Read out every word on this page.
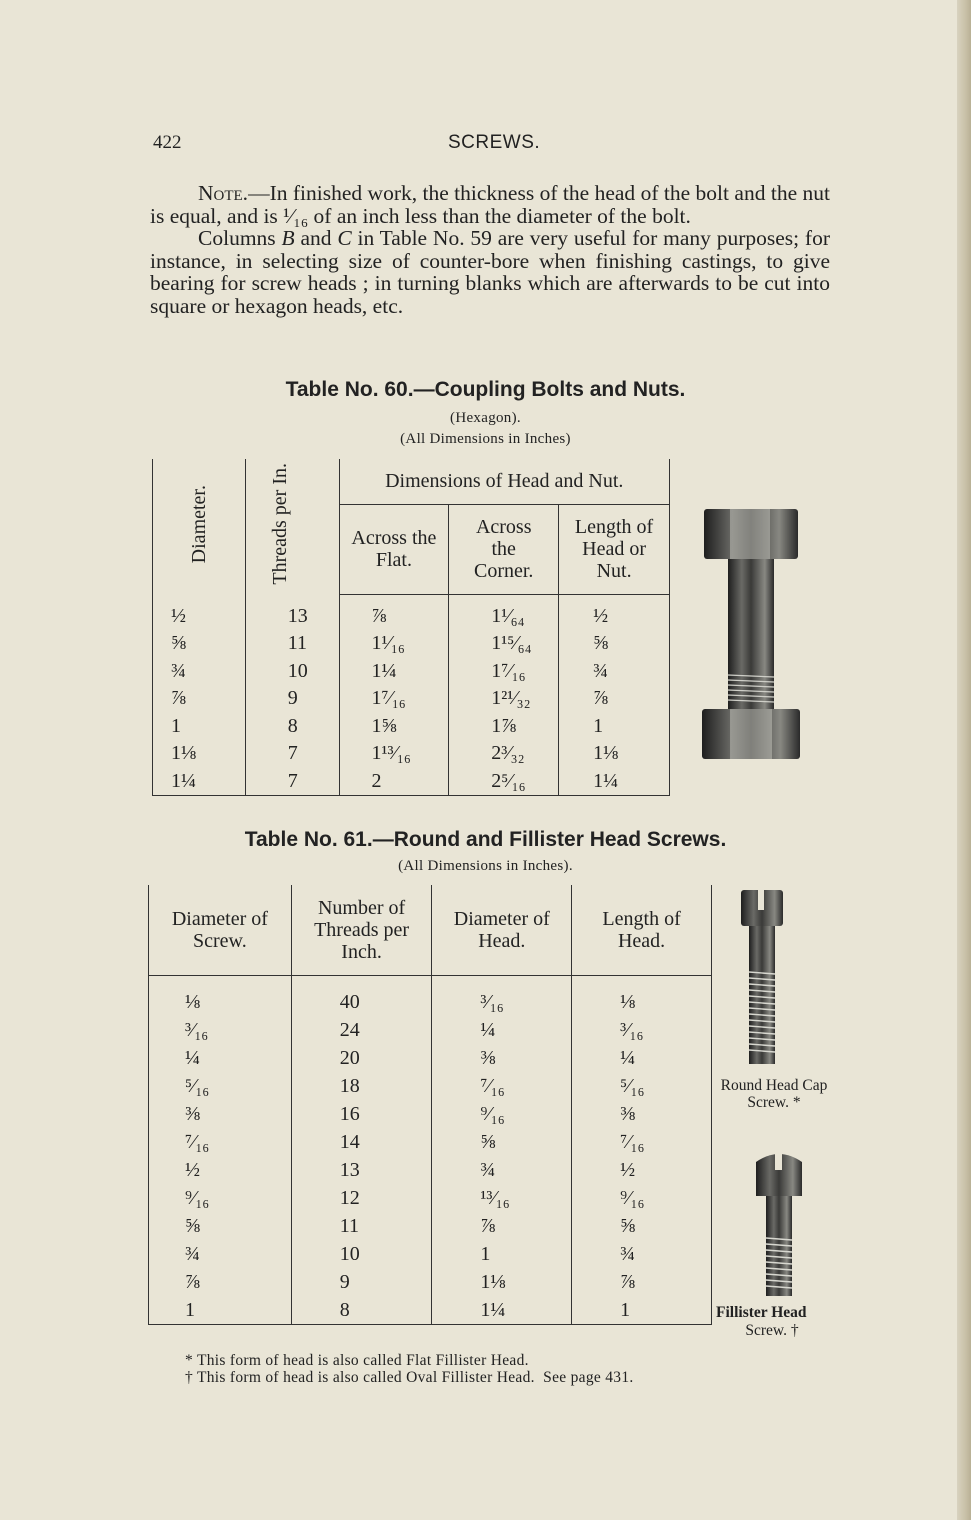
422	SCREWS.

Note.—In finished work, the thickness of the head of the bolt and the nut is equal, and is ¹⁄₁₆ of an inch less than the diameter of the bolt.

Columns B and C in Table No. 59 are very useful for many purposes; for instance, in selecting size of counter-bore when finishing castings, to give bearing for screw heads ; in turning blanks which are afterwards to be cut into square or hexagon heads, etc.

Table No. 60.—Coupling Bolts and Nuts.
(Hexagon).
(All Dimensions in Inches)
Diameter.	Threads per In.	Dimensions of Head and Nut.		
		Across the Flat.	Across the Corner.	Length of Head or Nut.

½	13	⅞	1¹⁄₆₄	½
⅝	11	1¹⁄₁₆	1¹⁵⁄₆₄	⅝
¾	10	1¼	1⁷⁄₁₆	¾
⅞	9	1⁷⁄₁₆	1²¹⁄₃₂	⅞
1	8	1⅝	1⅞	1
1⅛	7	1¹³⁄₁₆	2³⁄₃₂	1⅛
1¼	7	2	2⁵⁄₁₆	1¼
Table No. 61.—Round and Fillister Head Screws.
(All Dimensions in Inches).
Diameter of Screw.	Number of Threads per Inch.	Diameter of Head.	Length of Head.

⅛	40	³⁄₁₆	⅛
³⁄₁₆	24	¼	³⁄₁₆
¼	20	⅜	¼
⁵⁄₁₆	18	⁷⁄₁₆	⁵⁄₁₆
⅜	16	⁹⁄₁₆	⅜
⁷⁄₁₆	14	⅝	⁷⁄₁₆
½	13	¾	½
⁹⁄₁₆	12	¹³⁄₁₆	⁹⁄₁₆
⅝	11	⅞	⅝
¾	10	1	¾
⅞	9	1⅛	⅞
1	8	1¼	1
Round Head Cap Screw. *
Fillister Head
Screw. †
* This form of head is also called Flat Fillister Head.
† This form of head is also called Oval Fillister Head.  See page 431.
